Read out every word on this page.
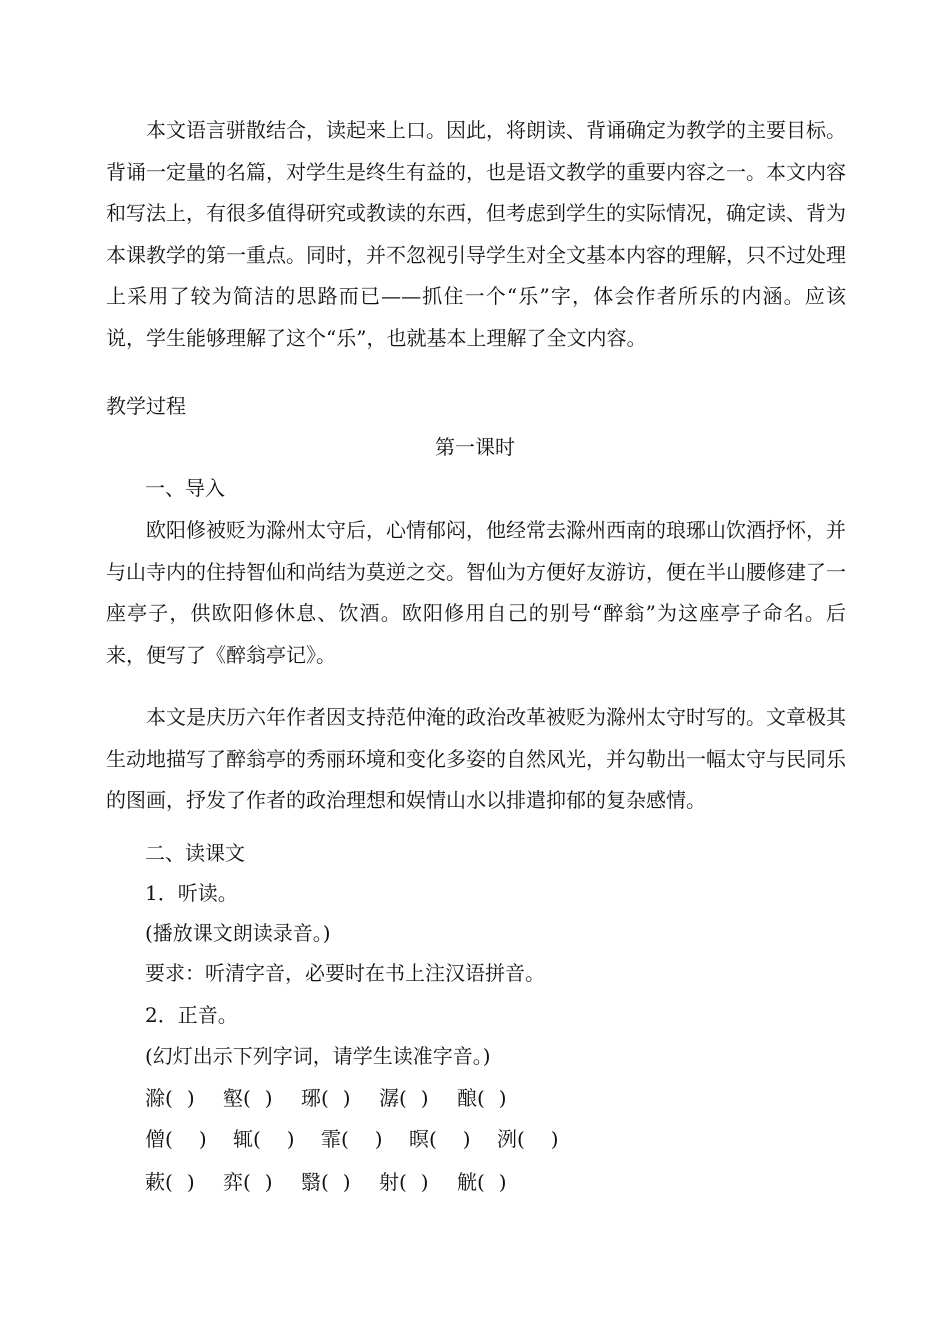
本文语言骈散结合，读起来上口。因此，将朗读、背诵确定为教学的主要目标。背诵一定量的名篇，对学生是终生有益的，也是语文教学的重要内容之一。本文内容和写法上，有很多值得研究或教读的东西，但考虑到学生的实际情况，确定读、背为本课教学的第一重点。同时，并不忽视引导学生对全文基本内容的理解，只不过处理上采用了较为简洁的思路而已——抓住一个“乐”字，体会作者所乐的内涵。应该说，学生能够理解了这个“乐”，也就基本上理解了全文内容。

教学过程

第一课时

一、导入

欧阳修被贬为滁州太守后，心情郁闷，他经常去滁州西南的琅琊山饮酒抒怀，并与山寺内的住持智仙和尚结为莫逆之交。智仙为方便好友游访，便在半山腰修建了一座亭子，供欧阳修休息、饮酒。欧阳修用自己的别号“醉翁”为这座亭子命名。后来，便写了《醉翁亭记》。

本文是庆历六年作者因支持范仲淹的政治改革被贬为滁州太守时写的。文章极其生动地描写了醉翁亭的秀丽环境和变化多姿的自然风光，并勾勒出一幅太守与民同乐的图画，抒发了作者的政治理想和娱情山水以排遣抑郁的复杂感情。

二、读课文

1．听读。

(播放课文朗读录音。)

要求：听清字音，必要时在书上注汉语拼音。

2．正音。

(幻灯出示下列字词，请学生读准字音。)

滁( ) 壑( ) 琊( ) 潺( ) 酿( )
僧( ) 辄( ) 霏( ) 暝( ) 洌( )
蔌( ) 弈( ) 翳( ) 射( ) 觥( )
